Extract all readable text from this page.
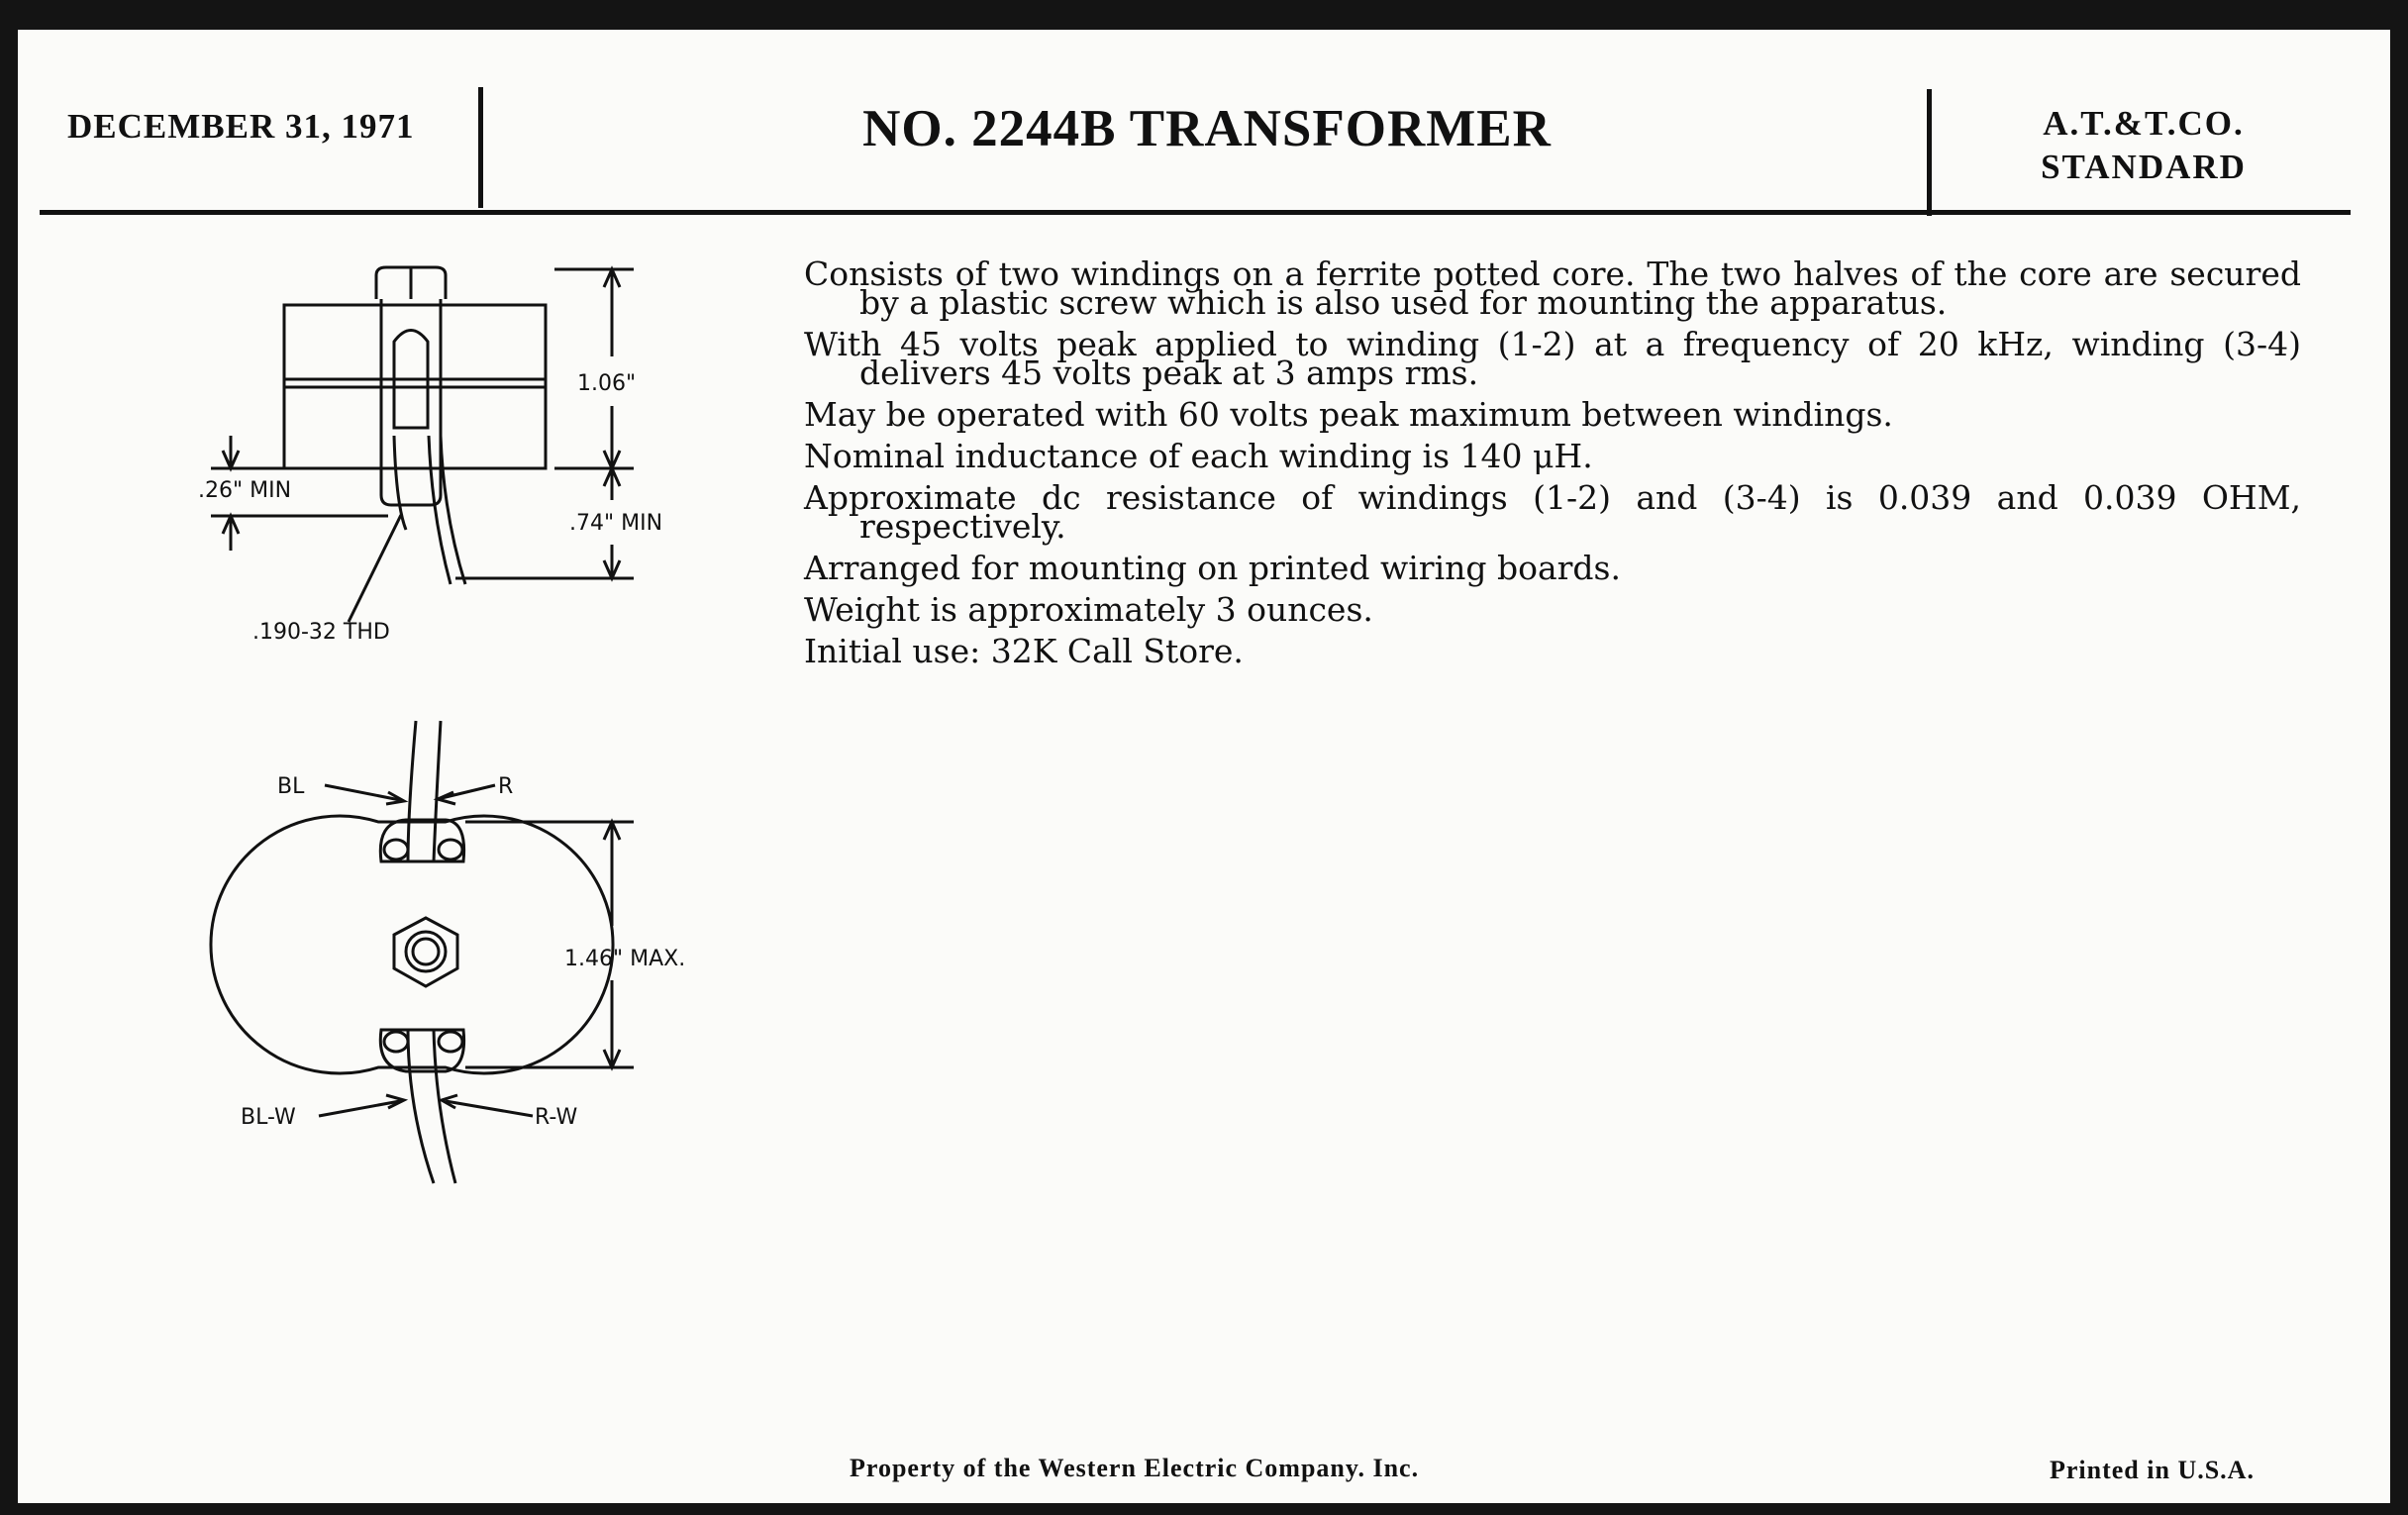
DECEMBER 31, 1971	NO. 2244B TRANSFORMER	A.T.&T.CO.
STANDARD

Consists of two windings on a ferrite potted core. The two halves of the core are secured by a plastic screw which is also used for mounting the apparatus.

With 45 volts peak applied to winding (1-2) at a frequency of 20 kHz, winding (3-4) delivers 45 volts peak at 3 amps rms.

May be operated with 60 volts peak maximum between windings.

Nominal inductance of each winding is 140 μH.

Approximate dc resistance of windings (1-2) and (3-4) is 0.039 and 0.039 OHM, respectively.

Arranged for mounting on printed wiring boards.

Weight is approximately 3 ounces.

Initial use: 32K Call Store.

1.06"
.26" MIN
.74" MIN
.190-32 THD
BL	R
BL-W	R-W
1.46" MAX.
Property of the Western Electric Company. Inc.	Printed in U.S.A.
